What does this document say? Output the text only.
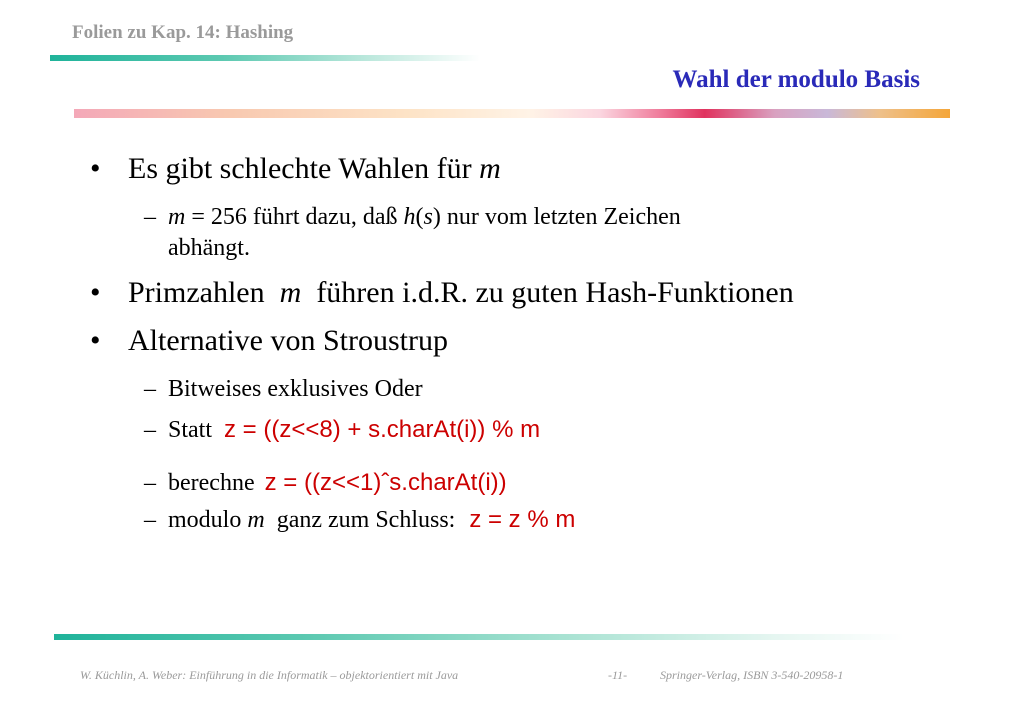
Folien zu Kap. 14: Hashing
Wahl der modulo Basis
• Es gibt schlechte Wahlen für m
– m = 256 führt dazu, daß h(s) nur vom letzten Zeichen
abhängt.
• Primzahlen  m  führen i.d.R. zu guten Hash-Funktionen
• Alternative von Stroustrup
– Bitweises exklusives Oder
– Statt z = ((z<<8) + s.charAt(i)) % m
– berechne z = ((z<<1)ˆs.charAt(i))
– modulo m  ganz zum Schluss: z = z % m
W. Küchlin, A. Weber: Einführung in die Informatik – objektorientiert mit Java	-11-	Springer-Verlag, ISBN 3-540-20958-1
